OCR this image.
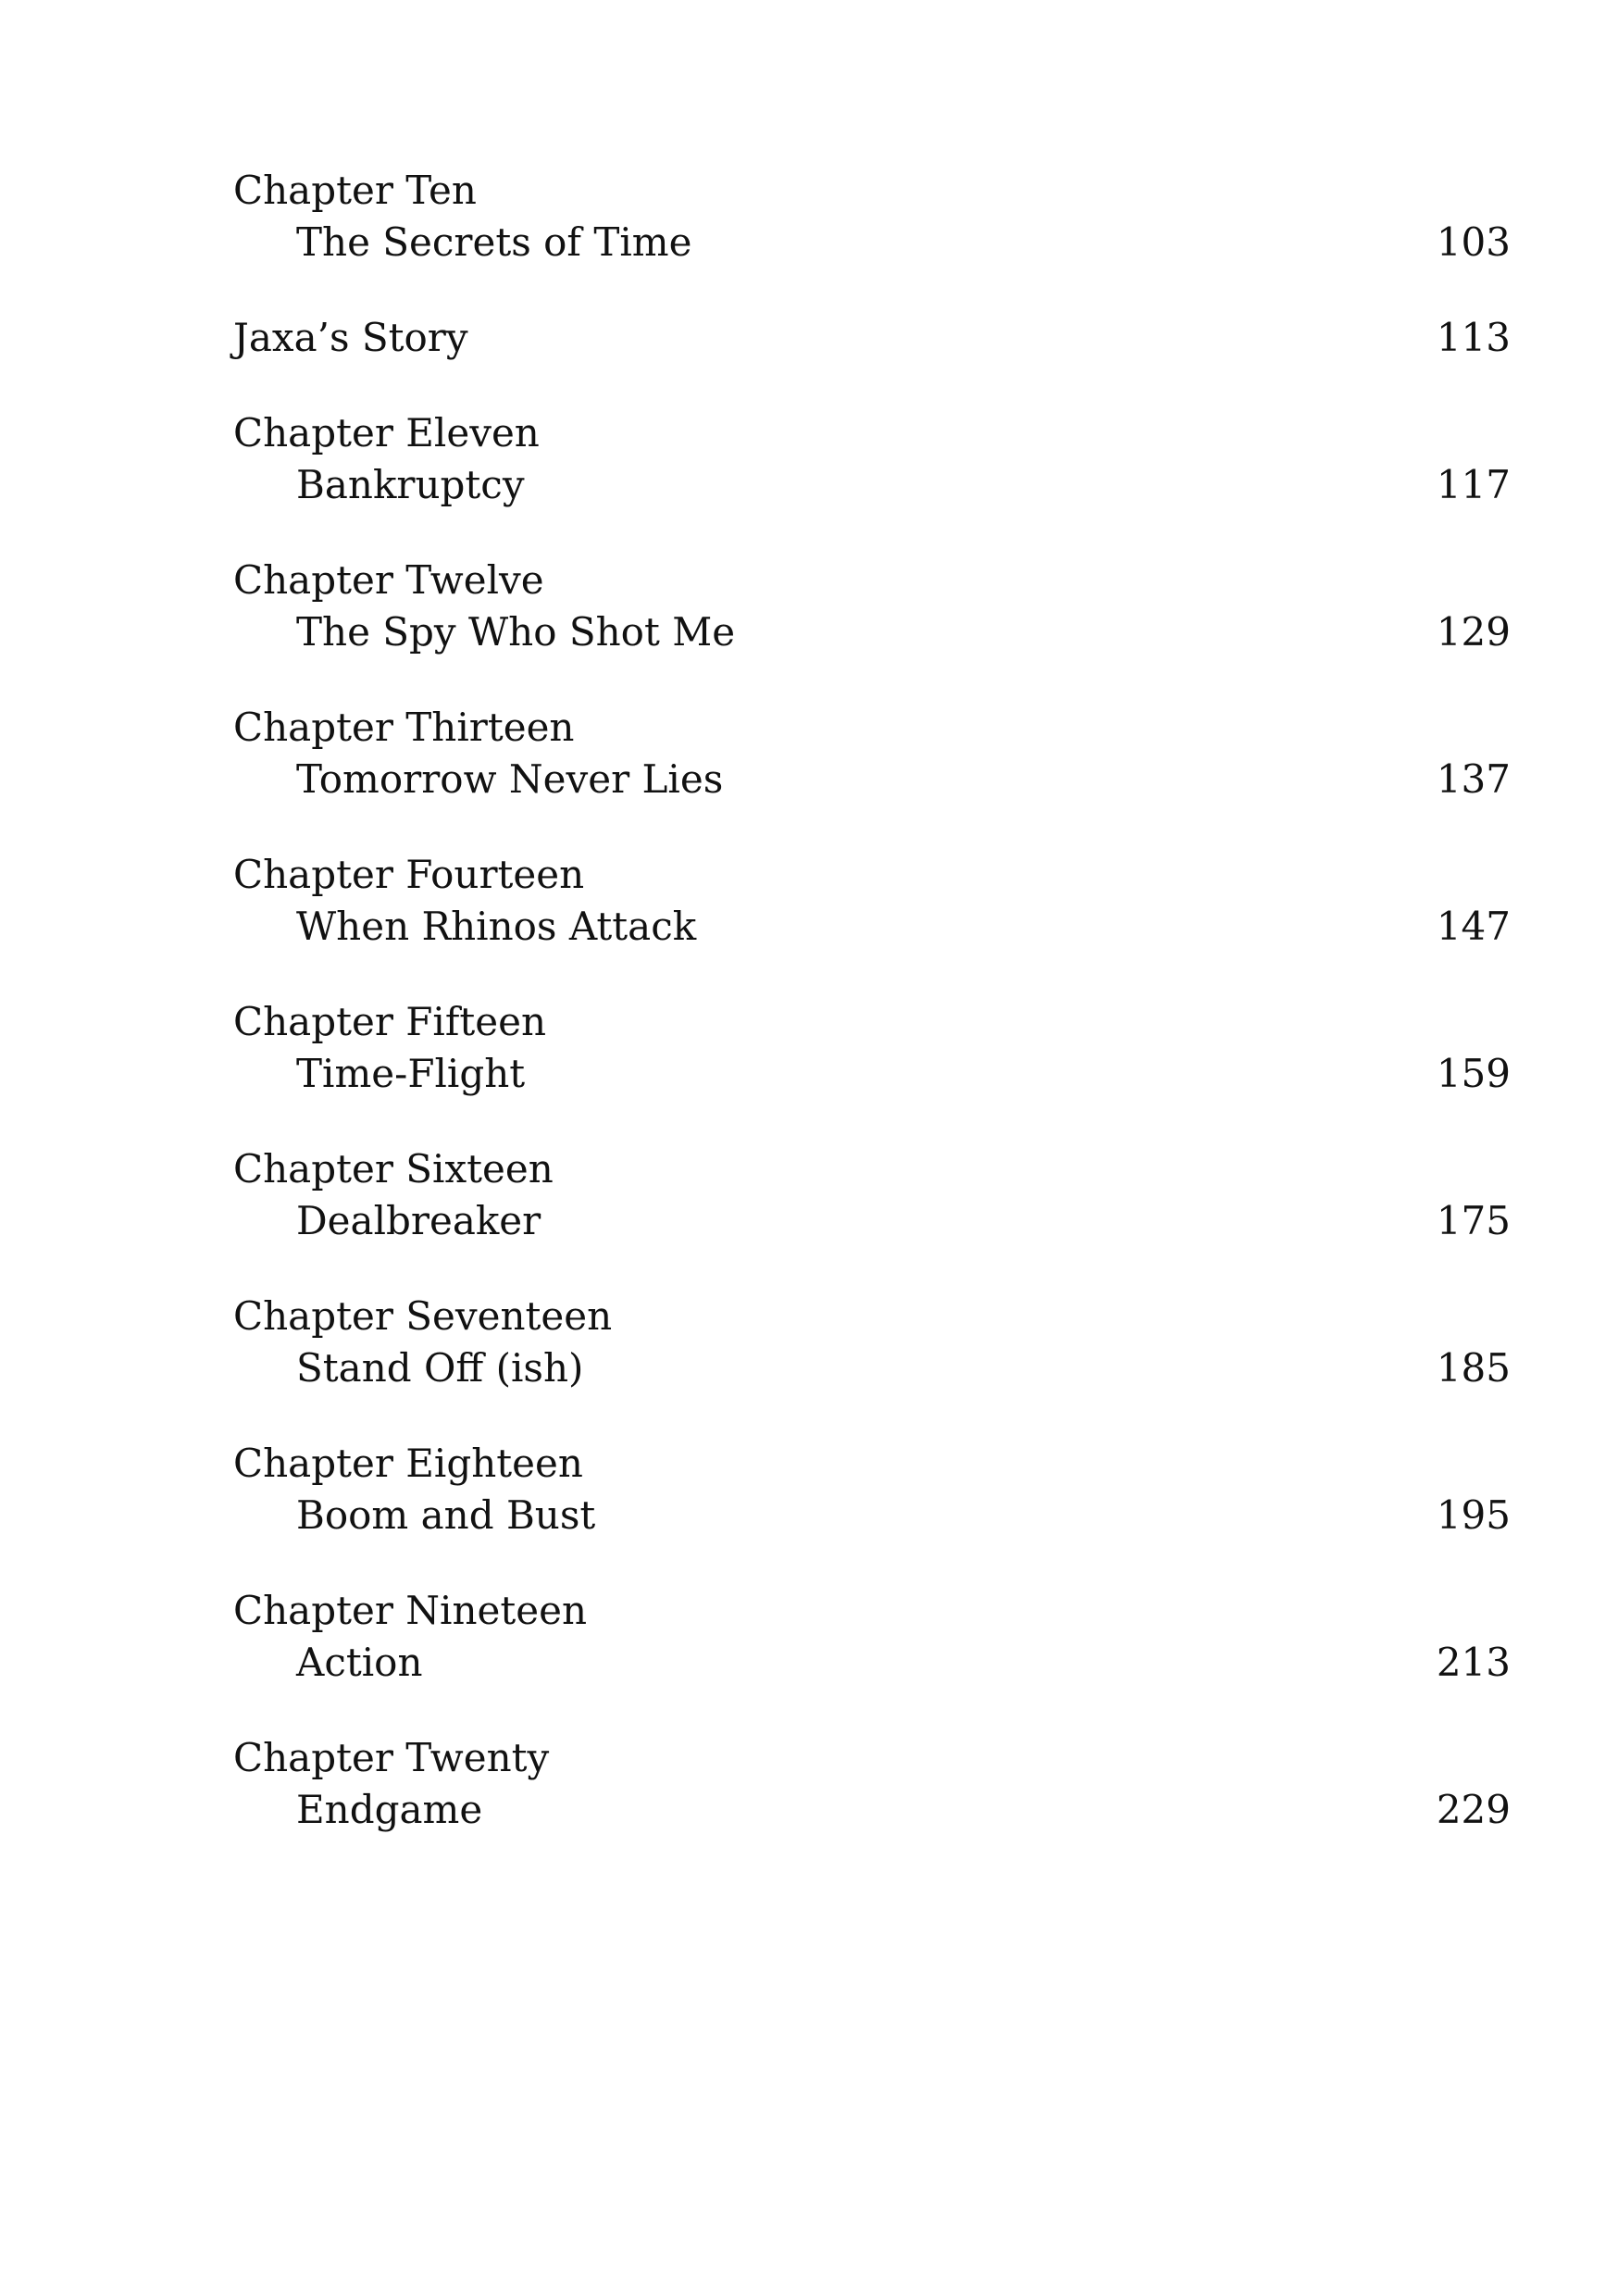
Chapter Ten
The Secrets of Time	103
Jaxa’s Story	113
Chapter Eleven
Bankruptcy	117
Chapter Twelve
The Spy Who Shot Me	129
Chapter Thirteen
Tomorrow Never Lies	137
Chapter Fourteen
When Rhinos Attack	147
Chapter Fifteen
Time-Flight	159
Chapter Sixteen
Dealbreaker	175
Chapter Seventeen
Stand Off (ish)	185
Chapter Eighteen
Boom and Bust	195
Chapter Nineteen
Action	213
Chapter Twenty
Endgame	229
